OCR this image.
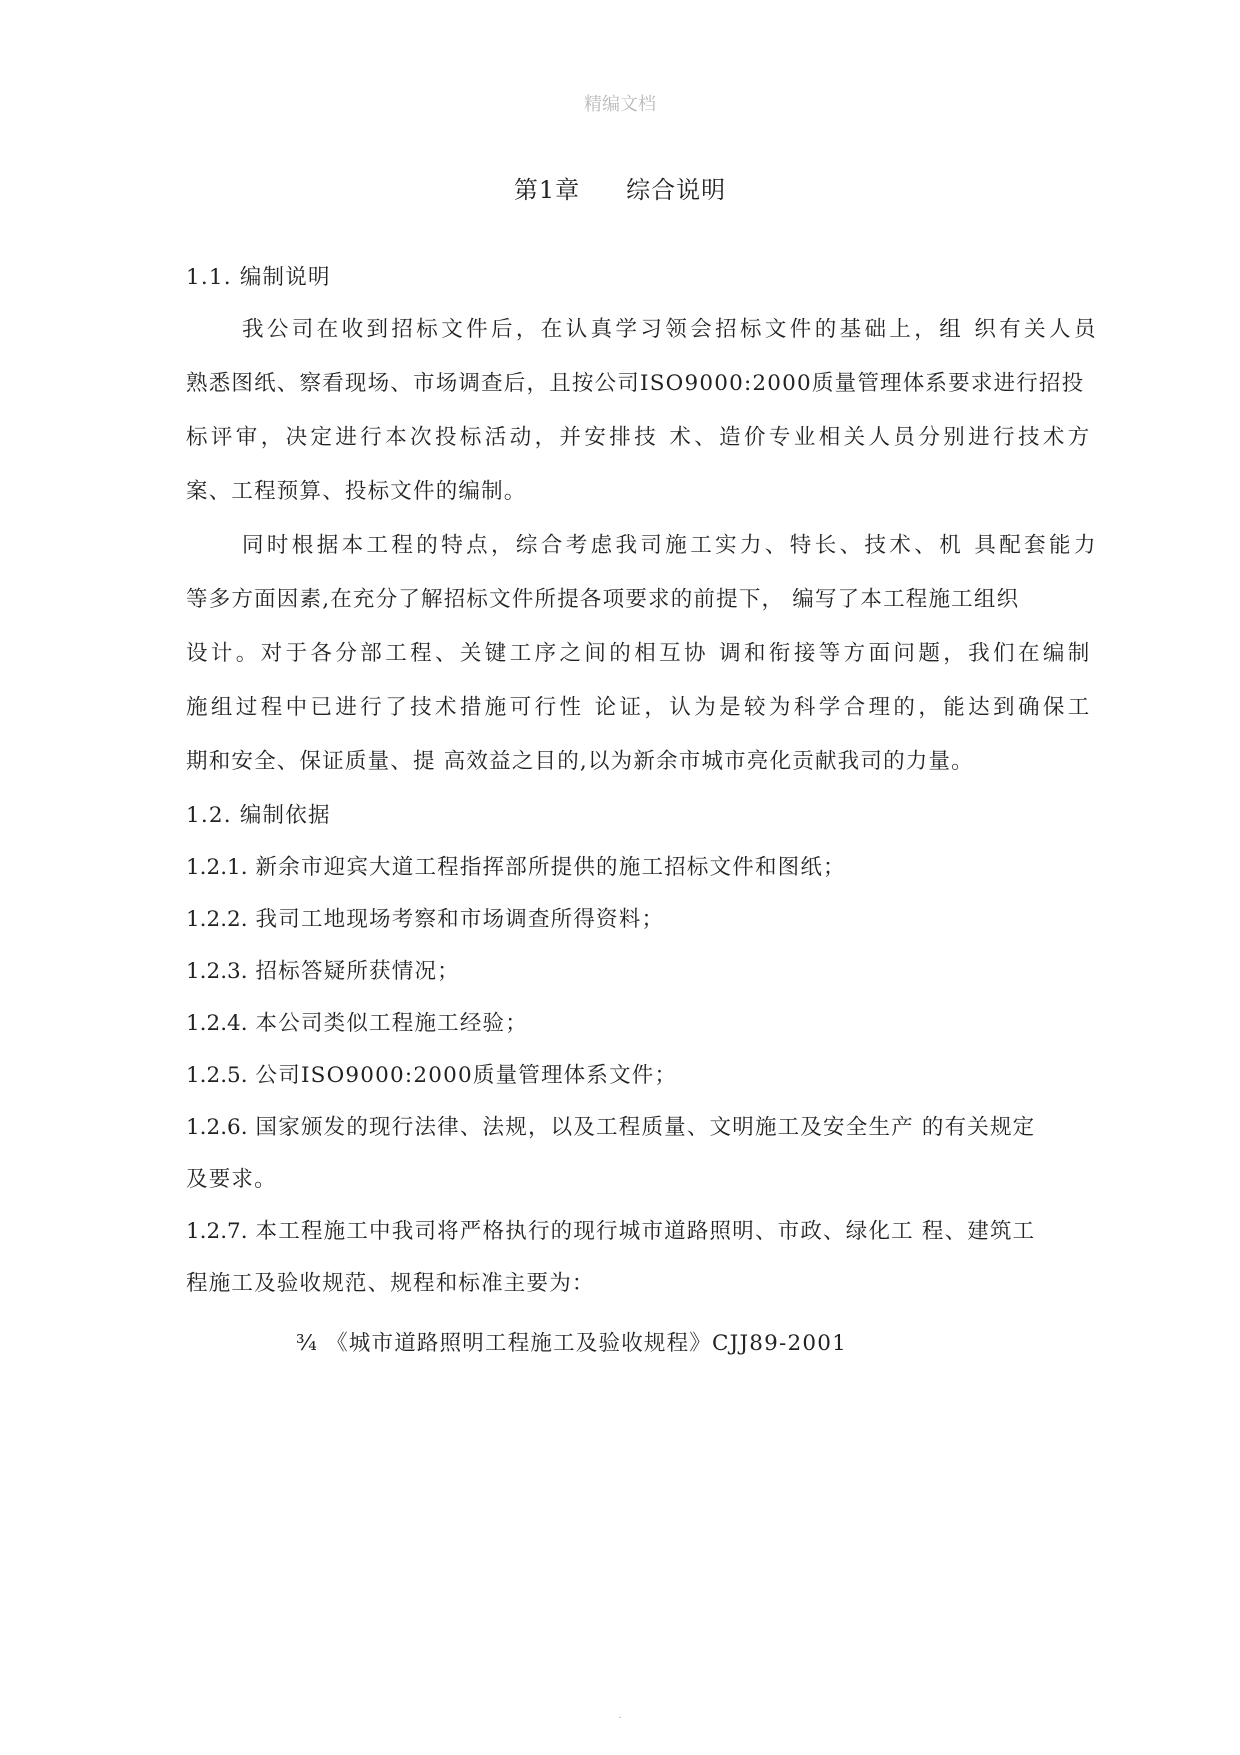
精编文档
第1章 综合说明
1.1. 编制说明
我公司在收到招标文件后，在认真学习领会招标文件的基础上，组 织有关人员
熟悉图纸、察看现场、市场调查后，且按公司ISO9000:2000质量管理体系要求进行招投
标评审，决定进行本次投标活动，并安排技 术、造价专业相关人员分别进行技术方
案、工程预算、投标文件的编制。
同时根据本工程的特点，综合考虑我司施工实力、特长、技术、机 具配套能力
等多方面因素,在充分了解招标文件所提各项要求的前提下， 编写了本工程施工组织
设计。对于各分部工程、关键工序之间的相互协 调和衔接等方面问题，我们在编制
施组过程中已进行了技术措施可行性 论证，认为是较为科学合理的，能达到确保工
期和安全、保证质量、提 高效益之目的,以为新余市城市亮化贡献我司的力量。
1.2. 编制依据
1.2.1. 新余市迎宾大道工程指挥部所提供的施工招标文件和图纸；
1.2.2. 我司工地现场考察和市场调查所得资料；
1.2.3. 招标答疑所获情况；
1.2.4. 本公司类似工程施工经验；
1.2.5. 公司ISO9000:2000质量管理体系文件；
1.2.6. 国家颁发的现行法律、法规，以及工程质量、文明施工及安全生产 的有关规定
及要求。
1.2.7. 本工程施工中我司将严格执行的现行城市道路照明、市政、绿化工 程、建筑工
程施工及验收规范、规程和标准主要为：
¾ 《城市道路照明工程施工及验收规程》CJJ89-2001
.
